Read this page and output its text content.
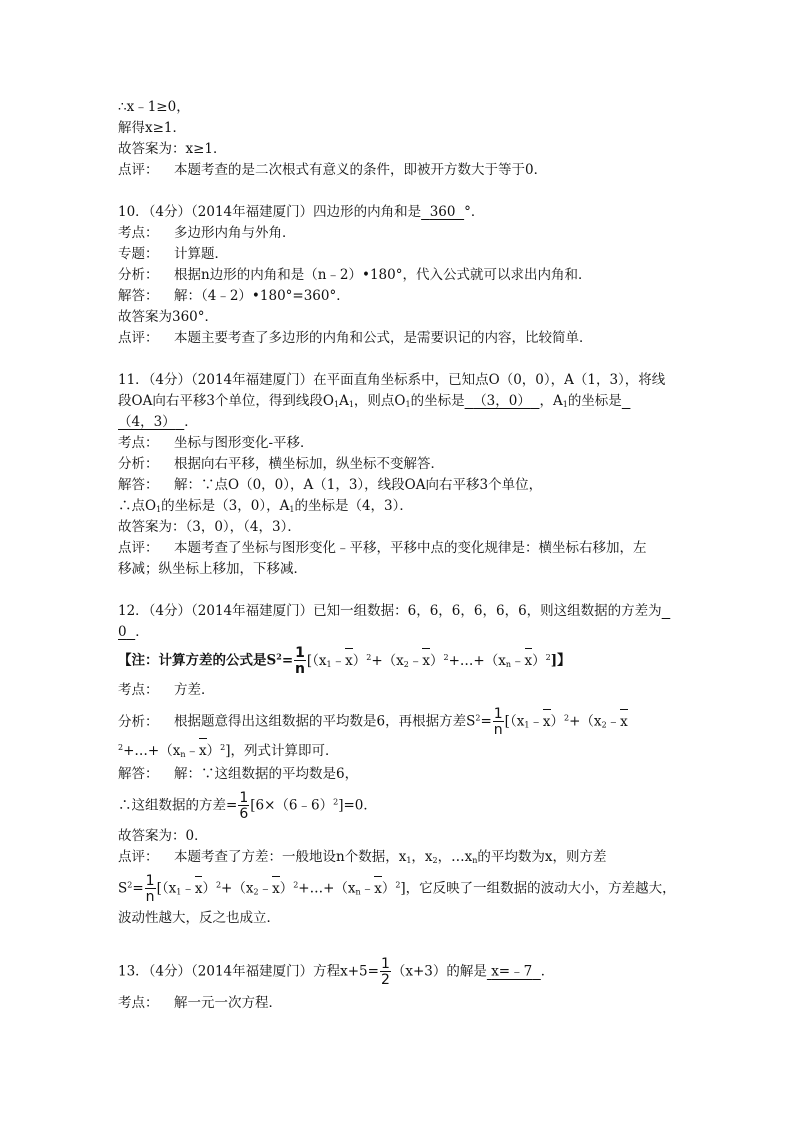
∴x﹣1≥0，
解得x≥1．
故答案为：x≥1．
点评： 本题考查的是二次根式有意义的条件，即被开方数大于等于0．
10．（4分）（2014年福建厦门）四边形的内角和是 360 °．
考点： 多边形内角与外角．
专题： 计算题．
分析： 根据n边形的内角和是（n﹣2）•180°，代入公式就可以求出内角和．
解答： 解：（4﹣2）•180°=360°．
故答案为360°．
点评： 本题主要考查了多边形的内角和公式，是需要识记的内容，比较简单．
11．（4分）（2014年福建厦门）在平面直角坐标系中，已知点O（0，0），A（1，3），将线
段OA向右平移3个单位，得到线段$O_1A_1$，则点$O_1$的坐标是 （3，0） ，$A_1$的坐标是
（4，3） ．
考点： 坐标与图形变化-平移．
分析： 根据向右平移，横坐标加，纵坐标不变解答．
解答： 解：∵点O（0，0），A（1，3），线段OA向右平移3个单位，
∴点$O_1$的坐标是（3，0），$A_1$的坐标是（4，3）．
故答案为：（3，0），（4，3）．
点评： 本题考查了坐标与图形变化﹣平移，平移中点的变化规律是：横坐标右移加，左
移减；纵坐标上移加，下移减．
12．（4分）（2014年福建厦门）已知一组数据：6，6，6，6，6，6，则这组数据的方差为
0 ．
【注：计算方差的公式是$S^2= \frac{1}{n}$ $[(x_1﹣x)^2+(x_2﹣x)^2+\dots+(x_n﹣x)^2]$】
考点： 方差．
分析： 根据题意得出这组数据的平均数是6，再根据方差$S^2= \frac{1}{n}$ [$(x_1﹣x)^2+(x_2﹣x$
$^2+\dots+(x_n﹣x)^2$]，列式计算即可．
解答： 解：∵这组数据的平均数是6，
∴这组数据的方差= $\frac{1}{6}$ [6×（6﹣6）$^2$]=0．
故答案为：0．
点评： 本题考查了方差：一般地设n个数据，$x_1$，$x_2$，$\dots x_n$的平均数为x，则方差
$S^2= \frac{1}{n}$ $[(x_1﹣x)^2+(x_2﹣x)^2+\dots+(x_n﹣x)^2]$，它反映了一组数据的波动大小，方差越大，
波动性越大，反之也成立．
13．（4分）（2014年福建厦门）方程$x+5= \frac{1}{2} (x+3)$的解是 x=﹣7 ．
考点： 解一元一次方程．
